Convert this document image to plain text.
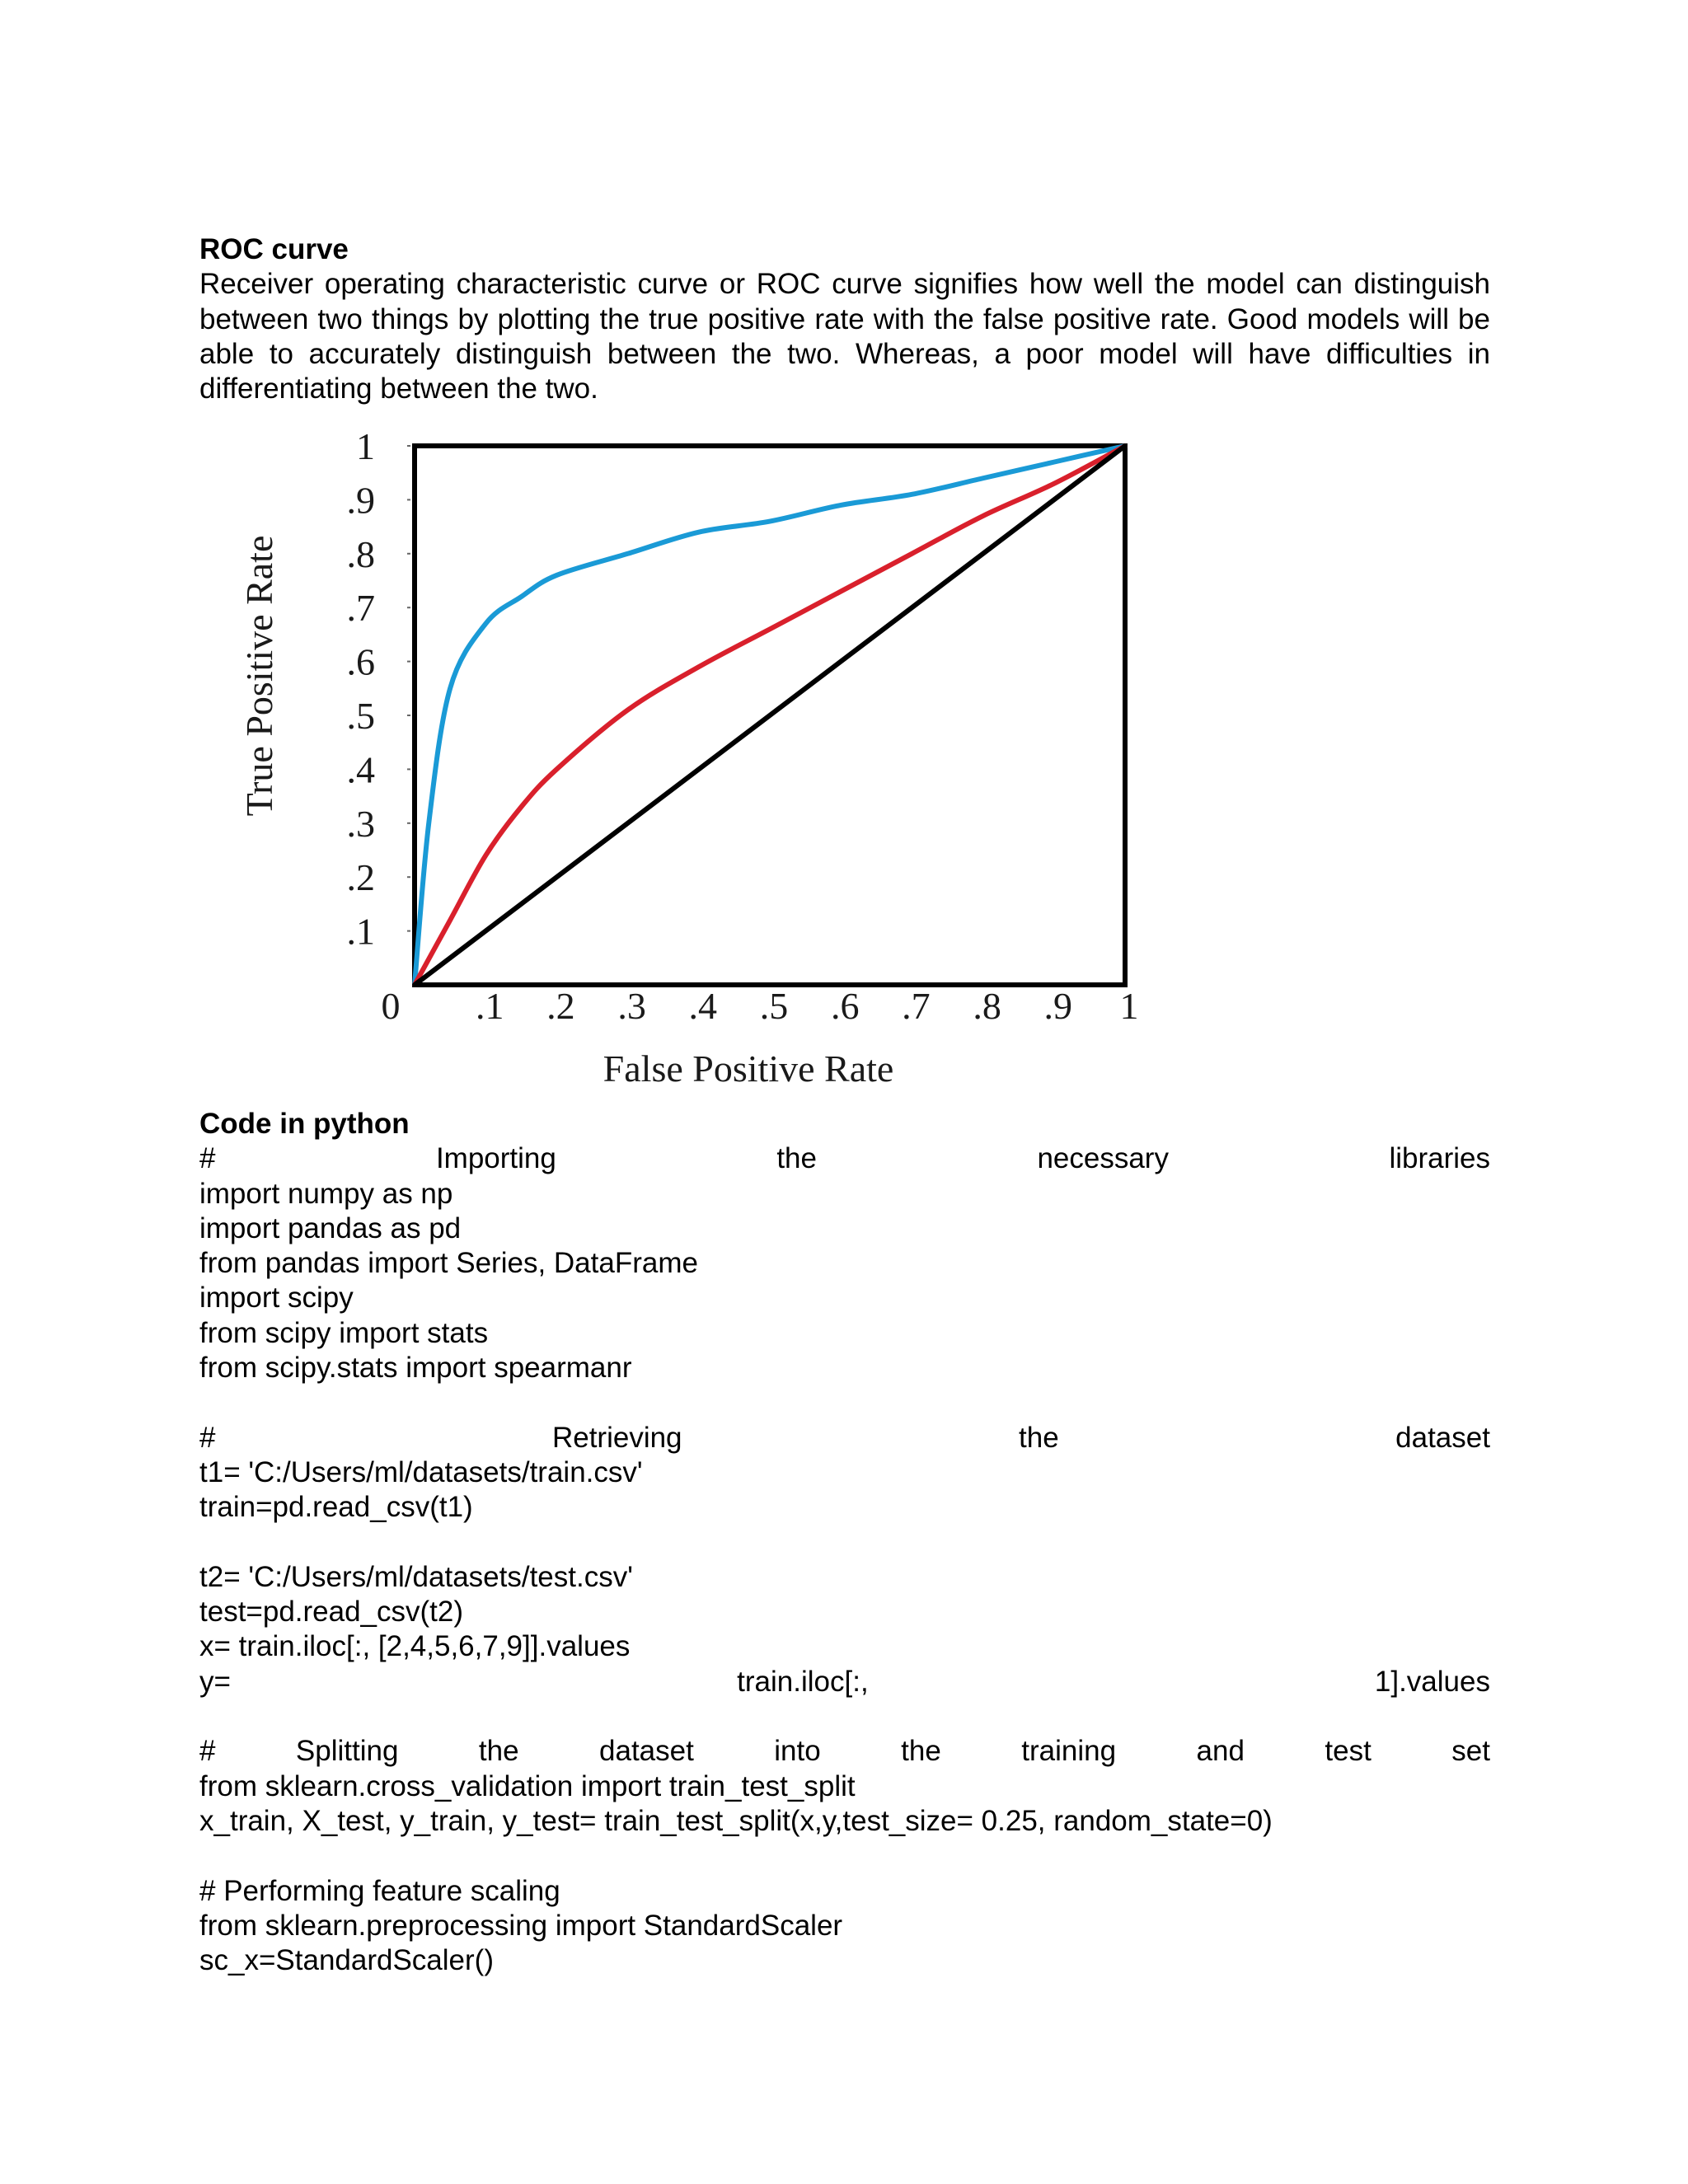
ROC curve
Receiver operating characteristic curve or ROC curve signifies how well the model can distinguish between two things by plotting the true positive rate with the false positive rate. Good models will be able to accurately distinguish between the two. Whereas, a poor model will have difficulties in differentiating between the two.
.1
.2
.3
.4
.5
.6
.7
.8
.9
1
0 .1 .2 .3 .4 .5 .6 .7 .8 .9 1
False Positive Rate
True Positive Rate
Code in python
#	Importing	the	necessary	libraries
import numpy as np
import pandas as pd
from pandas import Series, DataFrame
import scipy
from scipy import stats
from scipy.stats import spearmanr
#	Retrieving	the	dataset
t1= 'C:/Users/ml/datasets/train.csv'
train=pd.read_csv(t1)
t2= 'C:/Users/ml/datasets/test.csv'
test=pd.read_csv(t2)
x= train.iloc[:, [2,4,5,6,7,9]].values
y=	train.iloc[:,	1].values
#	Splitting	the	dataset	into	the	training	and	test	set
from sklearn.cross_validation import train_test_split
x_train, X_test, y_train, y_test= train_test_split(x,y,test_size= 0.25, random_state=0)
# Performing feature scaling
from sklearn.preprocessing import StandardScaler
sc_x=StandardScaler()
